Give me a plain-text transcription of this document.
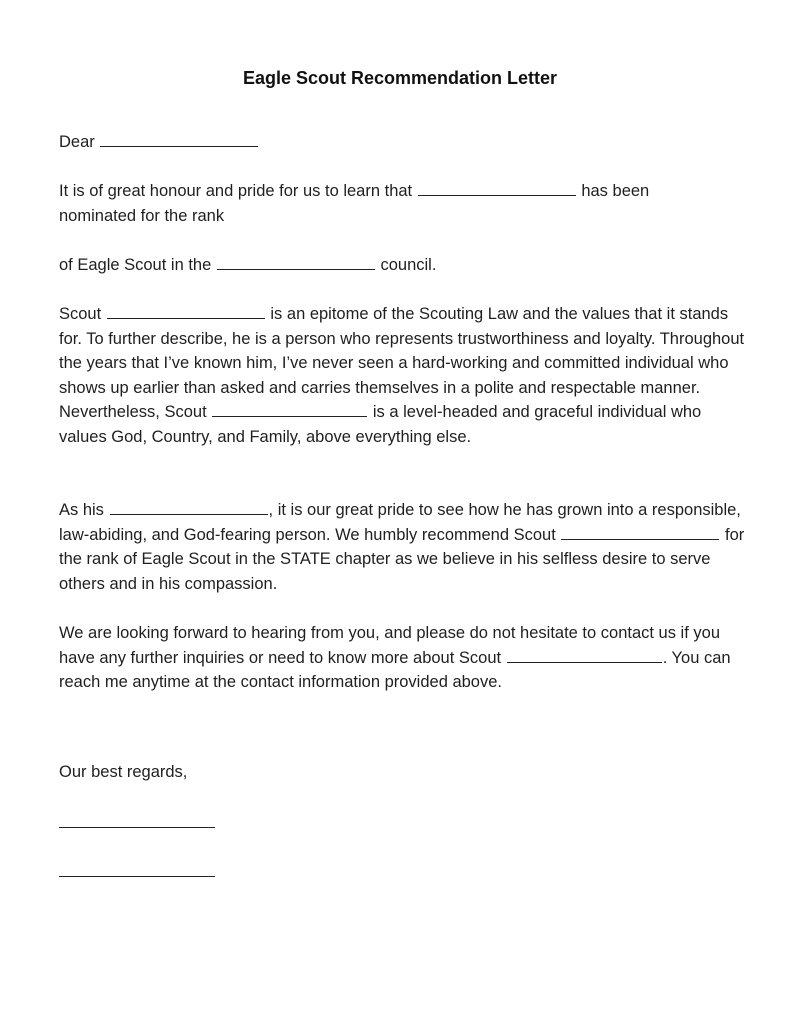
Eagle Scout Recommendation Letter

Dear

It is of great honour and pride for us to learn that	has been
nominated for the rank

of Eagle Scout in the	council.

Scout	is an epitome of the Scouting Law and the values that it stands for. To further describe, he is a person who represents trustworthiness and loyalty. Throughout the years that I’ve known him, I’ve never seen a hard-working and committed individual who shows up earlier than asked and carries themselves in a polite and respectable manner. Nevertheless, Scout	is a level-headed and graceful individual who values God, Country, and Family, above everything else.

As his	, it is our great pride to see how he has grown into a responsible, law-abiding, and God-fearing person. We humbly recommend Scout	for the rank of Eagle Scout in the STATE chapter as we believe in his selfless desire to serve others and in his compassion.

We are looking forward to hearing from you, and please do not hesitate to contact us if you have any further inquiries or need to know more about Scout	. You can reach me anytime at the contact information provided above.

Our best regards,
